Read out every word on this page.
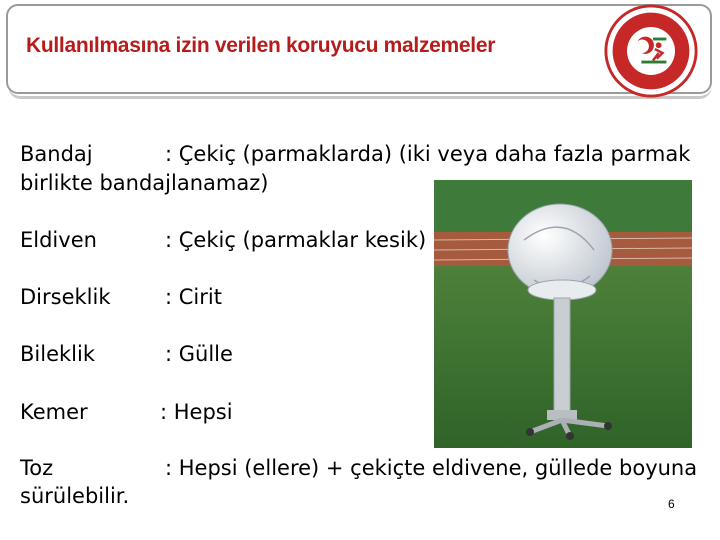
Kullanılmasına izin verilen koruyucu malzemeler
Bandaj	: Çekiç (parmaklarda) (iki veya daha fazla parmak
birlikte bandajlanamaz)
Eldiven	: Çekiç (parmaklar kesik)
Dirseklik	: Cirit
Bileklik	: Gülle
Kemer	: Hepsi
Toz	: Hepsi (ellere) + çekiçte eldivene, güllede boyuna
sürülebilir.	6
